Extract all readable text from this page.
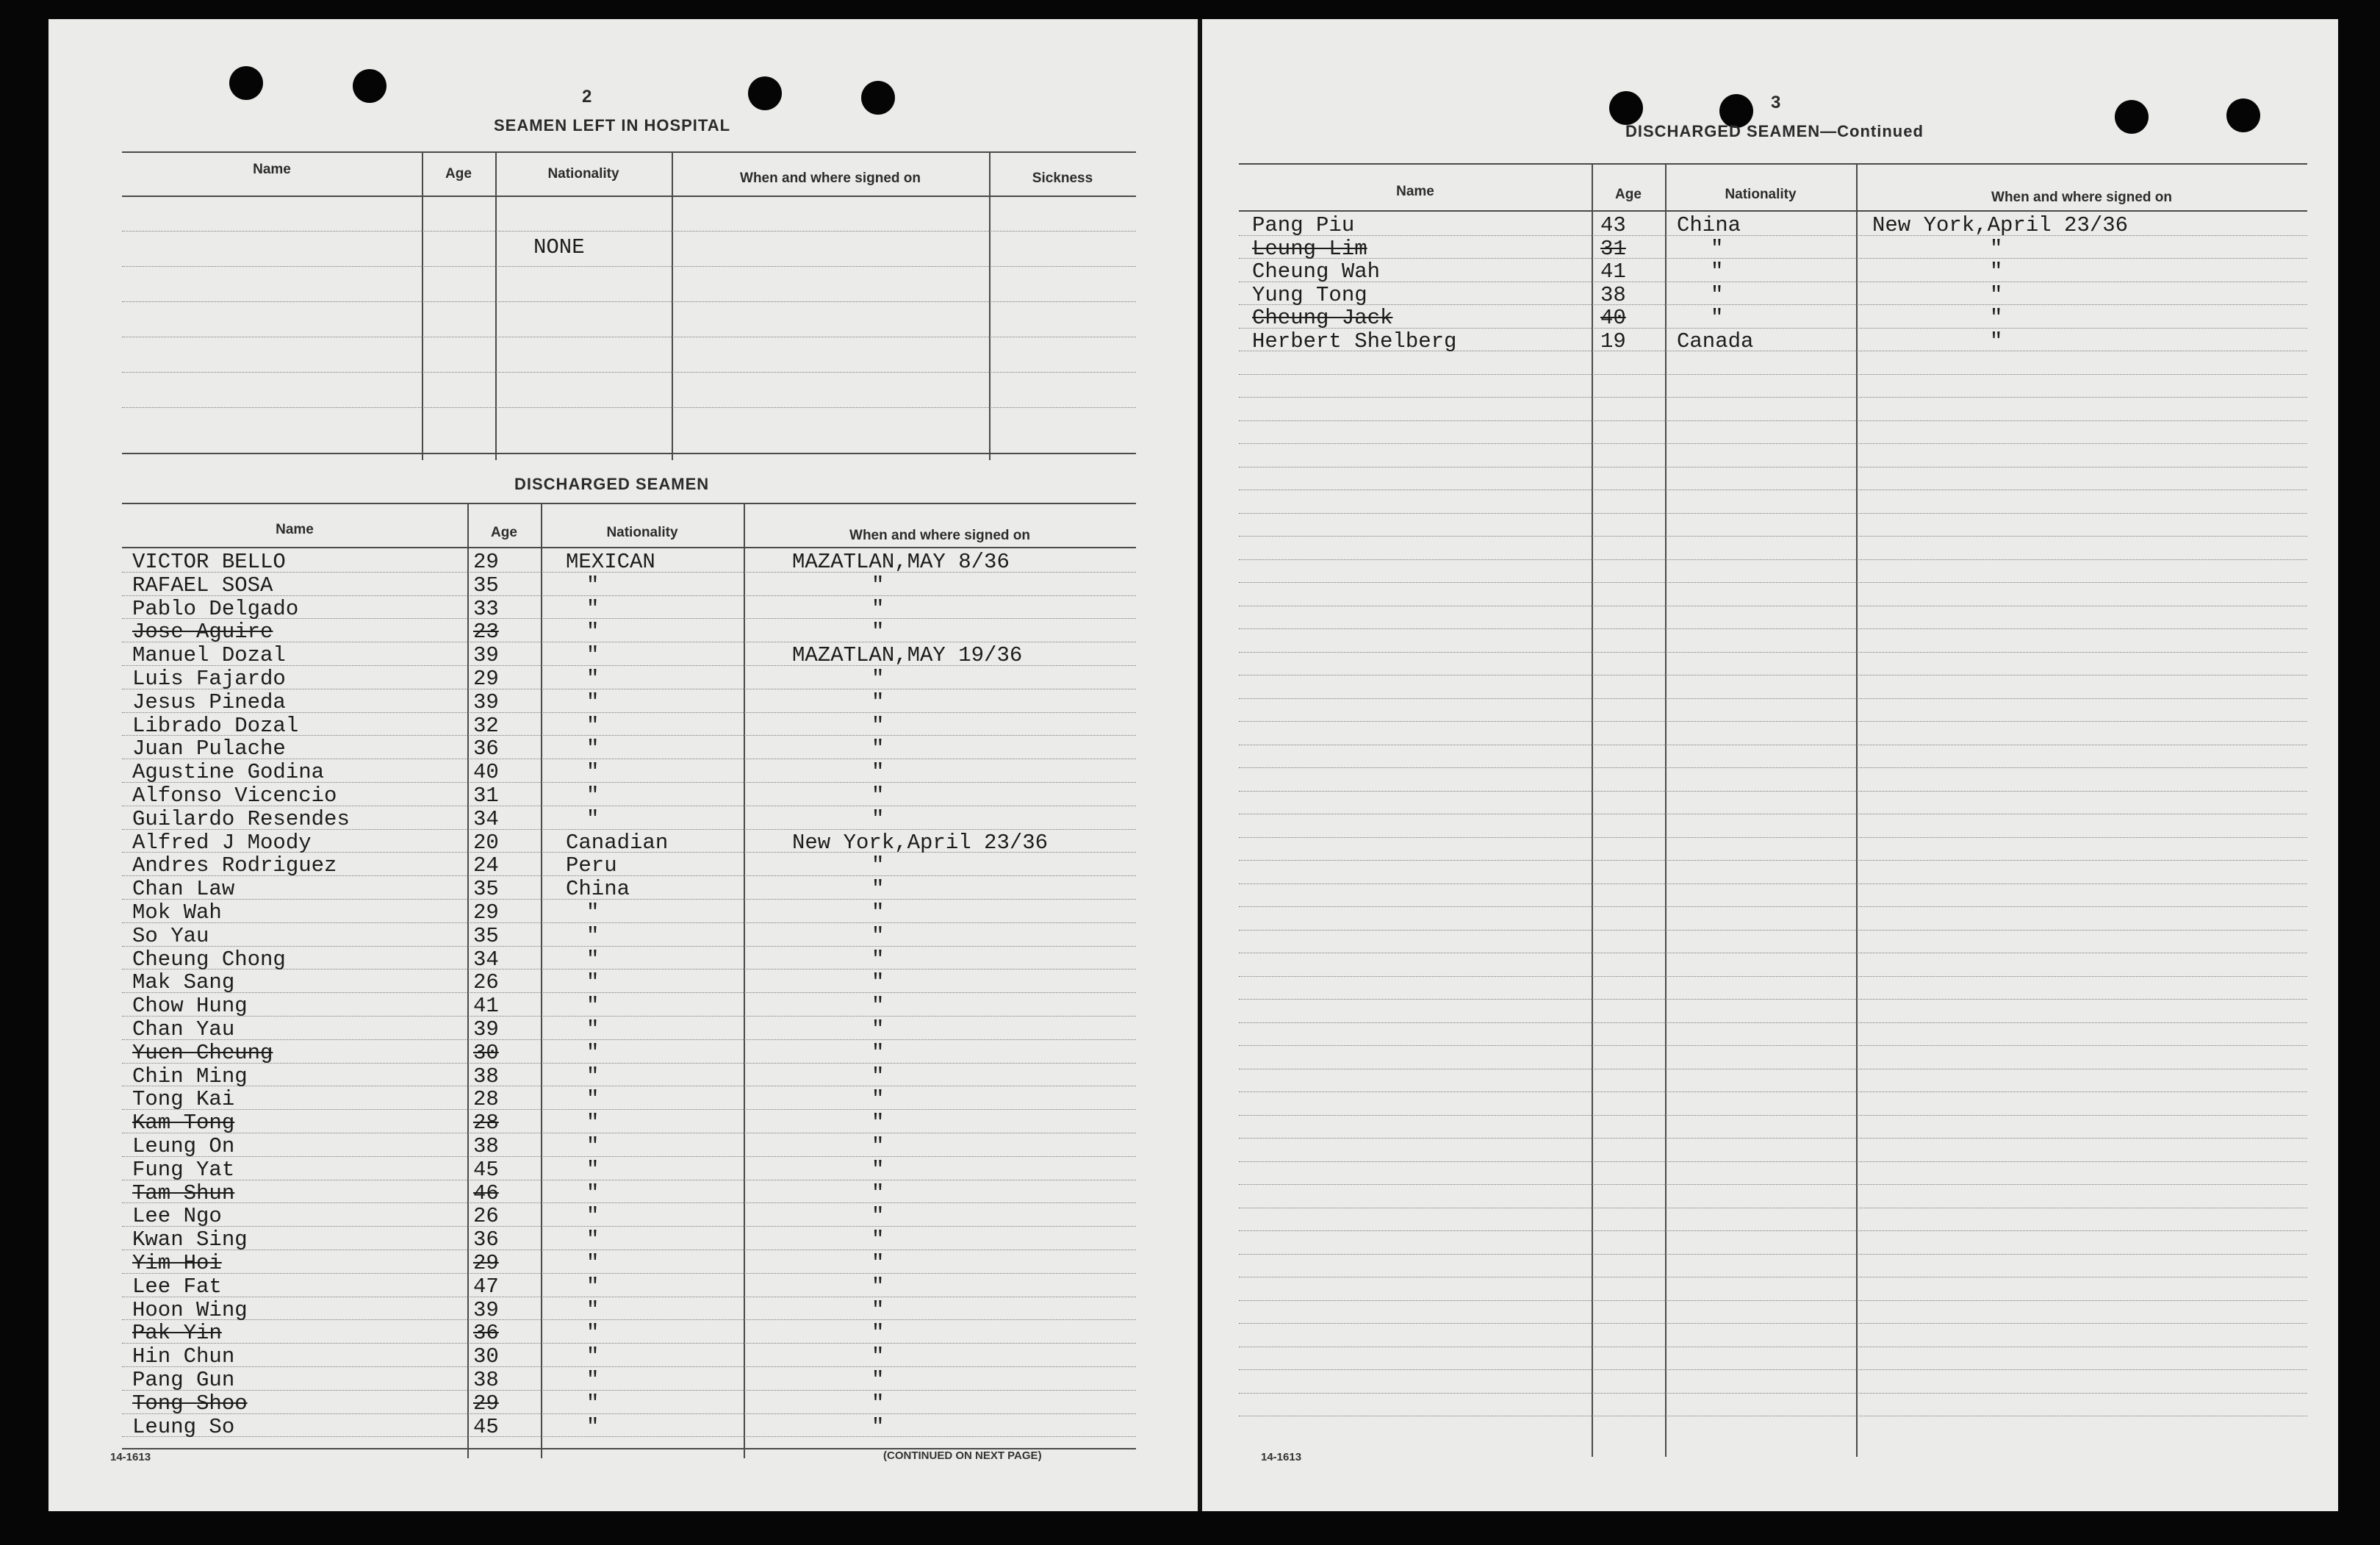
2
SEAMEN LEFT IN HOSPITAL
Name	Age	Nationality	When and where signed on	Sickness
NONE
DISCHARGED SEAMEN
Name	Age	Nationality	When and where signed on
VICTOR BELLO	29	MEXICAN	MAZATLAN,MAY 8/36
RAFAEL SOSA	35	"	"
Pablo Delgado	33	"	"
Jose Aguire	23	"	"
Manuel Dozal	39	"	MAZATLAN,MAY 19/36
Luis Fajardo	29	"	"
Jesus Pineda	39	"	"
Librado Dozal	32	"	"
Juan Pulache	36	"	"
Agustine Godina	40	"	"
Alfonso Vicencio	31	"	"
Guilardo Resendes	34	"	"
Alfred J Moody	20	Canadian	New York,April 23/36
Andres Rodriguez	24	Peru	"
Chan Law	35	China	"
Mok Wah	29	"	"
So Yau	35	"	"
Cheung Chong	34	"	"
Mak Sang	26	"	"
Chow Hung	41	"	"
Chan Yau	39	"	"
Yuen Cheung	30	"	"
Chin Ming	38	"	"
Tong Kai	28	"	"
Kam Tong	28	"	"
Leung On	38	"	"
Fung Yat	45	"	"
Tam Shun	46	"	"
Lee Ngo	26	"	"
Kwan Sing	36	"	"
Yim Hoi	29	"	"
Lee Fat	47	"	"
Hoon Wing	39	"	"
Pak Yin	36	"	"
Hin Chun	30	"	"
Pang Gun	38	"	"
Tong Shoo	29	"	"
Leung So	45	"	"
14-1613	(CONTINUED ON NEXT PAGE)
3
DISCHARGED SEAMEN—Continued
Name	Age	Nationality	When and where signed on
Pang Piu	43 China	New York,April 23/36
Leung Lim	31	"	"
Cheung Wah	41	"	"
Yung Tong	38	"	"
Cheung Jack	40	"	"
Herbert Shelberg	19 Canada	"
14-1613
